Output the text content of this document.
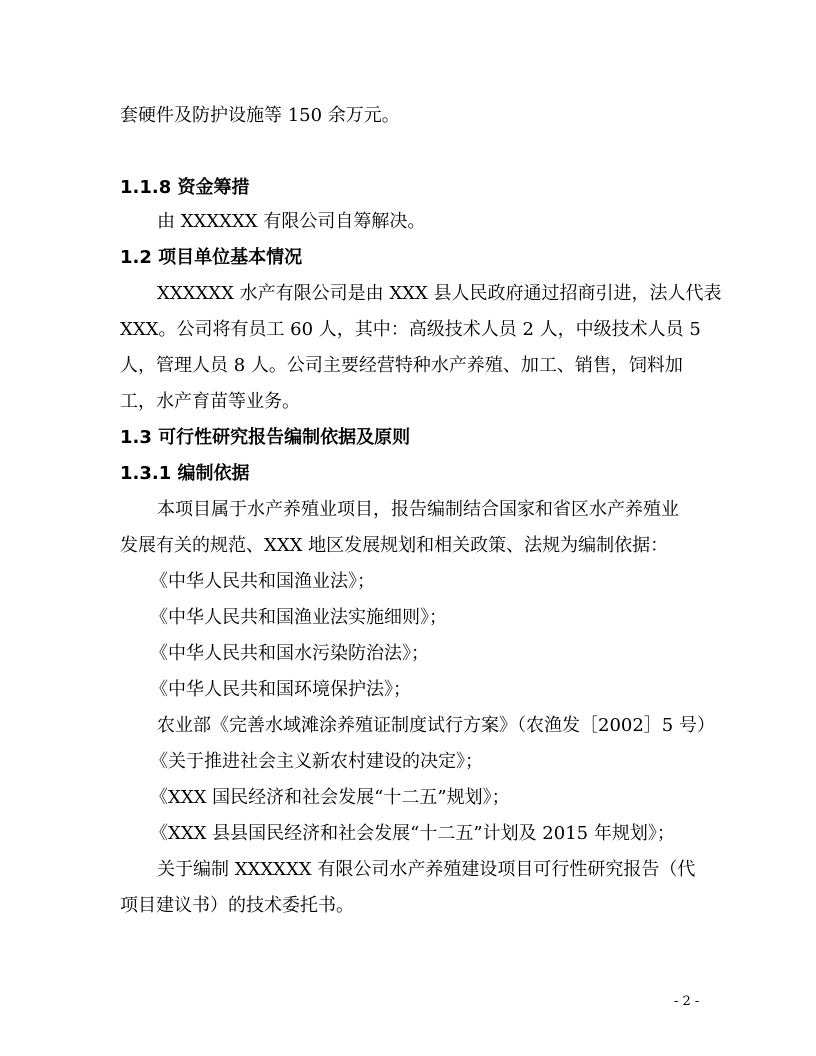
套硬件及防护设施等 150 余万元。
1.1.8 资金筹措
由 XXXXXX 有限公司自筹解决。
1.2 项目单位基本情况
XXXXXX 水产有限公司是由 XXX 县人民政府通过招商引进，法人代表
XXX。公司将有员工 60 人，其中：高级技术人员 2 人，中级技术人员 5
人，管理人员 8 人。公司主要经营特种水产养殖、加工、销售，饲料加
工，水产育苗等业务。
1.3 可行性研究报告编制依据及原则
1.3.1 编制依据
本项目属于水产养殖业项目，报告编制结合国家和省区水产养殖业
发展有关的规范、XXX 地区发展规划和相关政策、法规为编制依据：
《中华人民共和国渔业法》；
《中华人民共和国渔业法实施细则》；
《中华人民共和国水污染防治法》；
《中华人民共和国环境保护法》；
农业部《完善水域滩涂养殖证制度试行方案》（农渔发［2002］5 号）
《关于推进社会主义新农村建设的决定》；
《XXX 国民经济和社会发展“十二五”规划》；
《XXX 县县国民经济和社会发展“十二五”计划及 2015 年规划》；
关于编制 XXXXXX 有限公司水产养殖建设项目可行性研究报告（代
项目建议书）的技术委托书。
- 2 -
